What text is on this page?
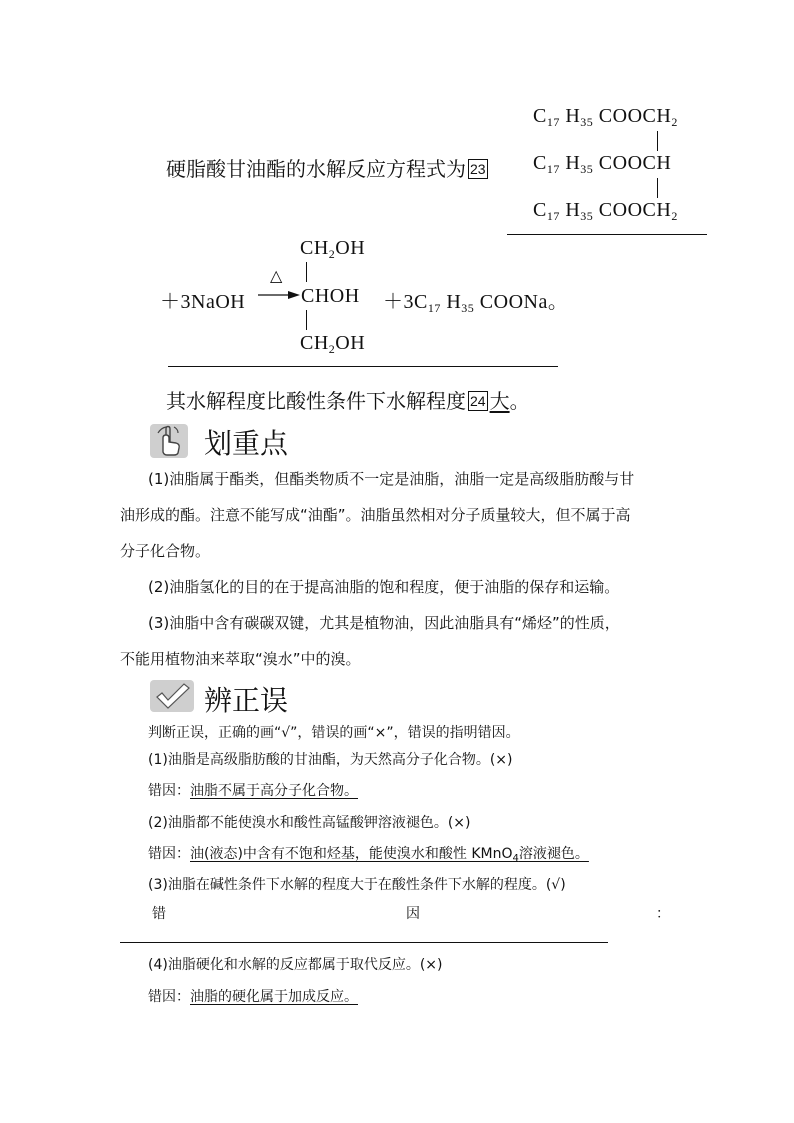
$C_{17}$ $H_{35}$ $COOCH_2$
硬脂酸甘油酯的水解反应方程式为 23 $C_{17}$ $H_{35}$ COOCH
$C_{17}$ $H_{35}$ $COOCH_2$
$CH_2OH$
＋3NaOH
△
→ CHOH $+3C_{17}$ $H_{35}$ COONa。
$CH_2OH$
其水解程度比酸性条件下水解程度 24 大。
划重点
(1)油脂属于酯类，但酯类物质不一定是油脂，油脂一定是高级脂肪酸与甘
油形成的酯。注意不能写成“油酯”。油脂虽然相对分子质量较大，但不属于高
分子化合物。
(2)油脂氢化的目的在于提高油脂的饱和程度，便于油脂的保存和运输。
(3)油脂中含有碳碳双键，尤其是植物油，因此油脂具有“烯烃”的性质，
不能用植物油来萃取“溴水”中的溴。
辨正误
判断正误，正确的画“√”，错误的画“×”，错误的指明错因。
(1)油脂是高级脂肪酸的甘油酯，为天然高分子化合物。(×)
错因：油脂不属于高分子化合物。
(2)油脂都不能使溴水和酸性高锰酸钾溶液褪色。(×)
错因：油(液态)中含有不饱和烃基，能使溴水和酸性 KMnO$_4$溶液褪色。
(3)油脂在碱性条件下水解的程度大于在酸性条件下水解的程度。(√)
错	因	：
(4)油脂硬化和水解的反应都属于取代反应。(×)
错因：油脂的硬化属于加成反应。
